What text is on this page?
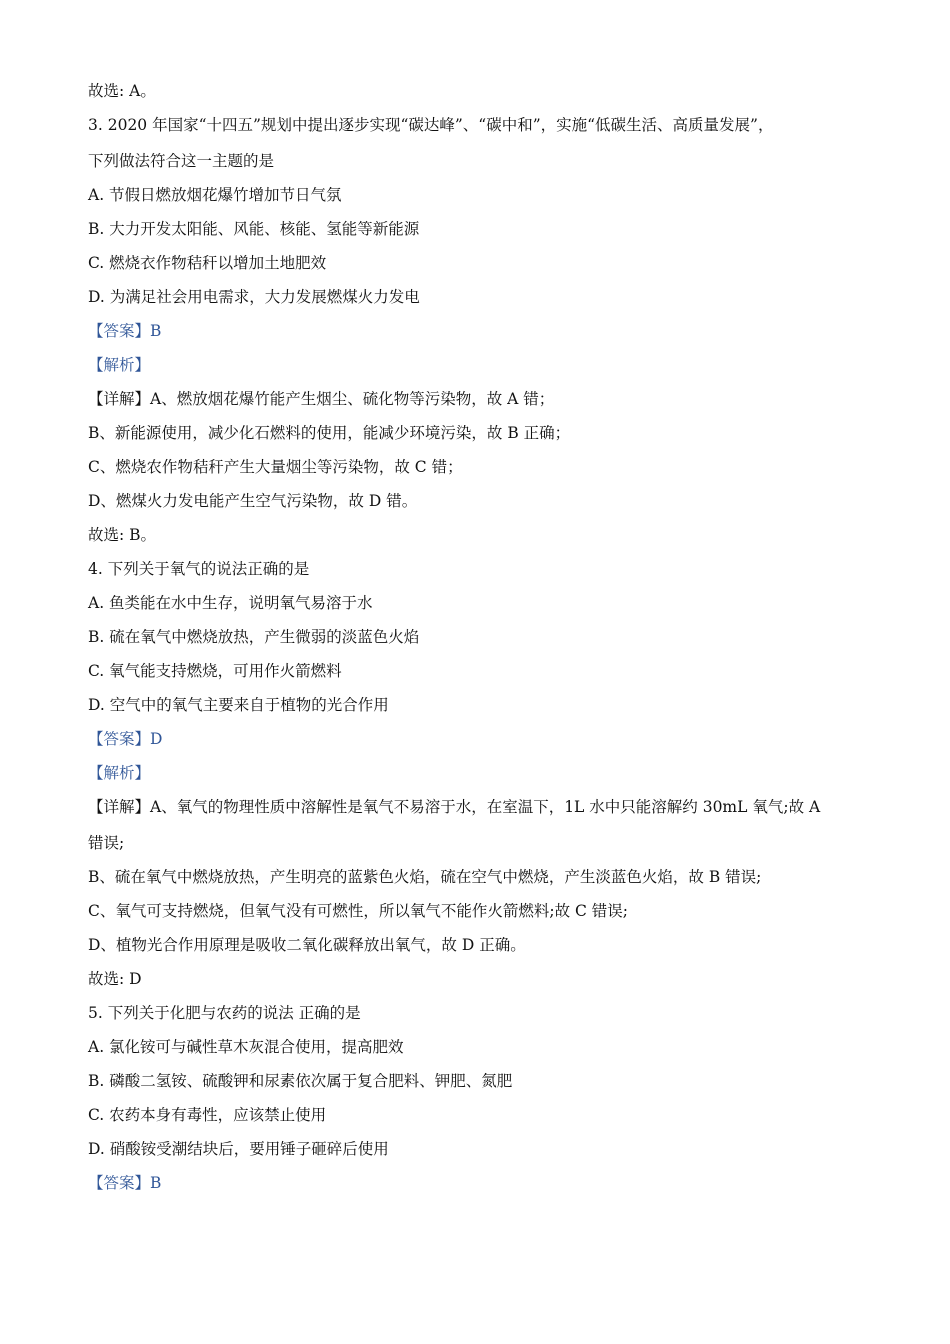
故选: A。
3. 2020 年国家“十四五”规划中提出逐步实现“碳达峰”、“碳中和”，实施“低碳生活、高质量发展”，
下列做法符合这一主题的是
A. 节假日燃放烟花爆竹增加节日气氛
B. 大力开发太阳能、风能、核能、氢能等新能源
C. 燃烧衣作物秸秆以增加土地肥效
D. 为满足社会用电需求，大力发展燃煤火力发电
【答案】B
【解析】
【详解】A、燃放烟花爆竹能产生烟尘、硫化物等污染物，故 A 错；
B、新能源使用，减少化石燃料的使用，能减少环境污染，故 B 正确；
C、燃烧农作物秸秆产生大量烟尘等污染物，故 C 错；
D、燃煤火力发电能产生空气污染物，故 D 错。
故选: B。
4. 下列关于氧气的说法正确的是
A. 鱼类能在水中生存，说明氧气易溶于水
B. 硫在氧气中燃烧放热，产生微弱的淡蓝色火焰
C. 氧气能支持燃烧，可用作火箭燃料
D. 空气中的氧气主要来自于植物的光合作用
【答案】D
【解析】
【详解】A、氧气的物理性质中溶解性是氧气不易溶于水，在室温下，1L 水中只能溶解约 30mL 氧气;故 A
错误;
B、硫在氧气中燃烧放热，产生明亮的蓝紫色火焰，硫在空气中燃烧，产生淡蓝色火焰，故 B 错误;
C、氧气可支持燃烧，但氧气没有可燃性，所以氧气不能作火箭燃料;故 C 错误;
D、植物光合作用原理是吸收二氧化碳释放出氧气，故 D 正确。
故选: D
5. 下列关于化肥与农药的说法 正确的是
A. 氯化铵可与碱性草木灰混合使用，提高肥效
B. 磷酸二氢铵、硫酸钾和尿素依次属于复合肥料、钾肥、氮肥
C. 农药本身有毒性，应该禁止使用
D. 硝酸铵受潮结块后，要用锤子砸碎后使用
【答案】B
